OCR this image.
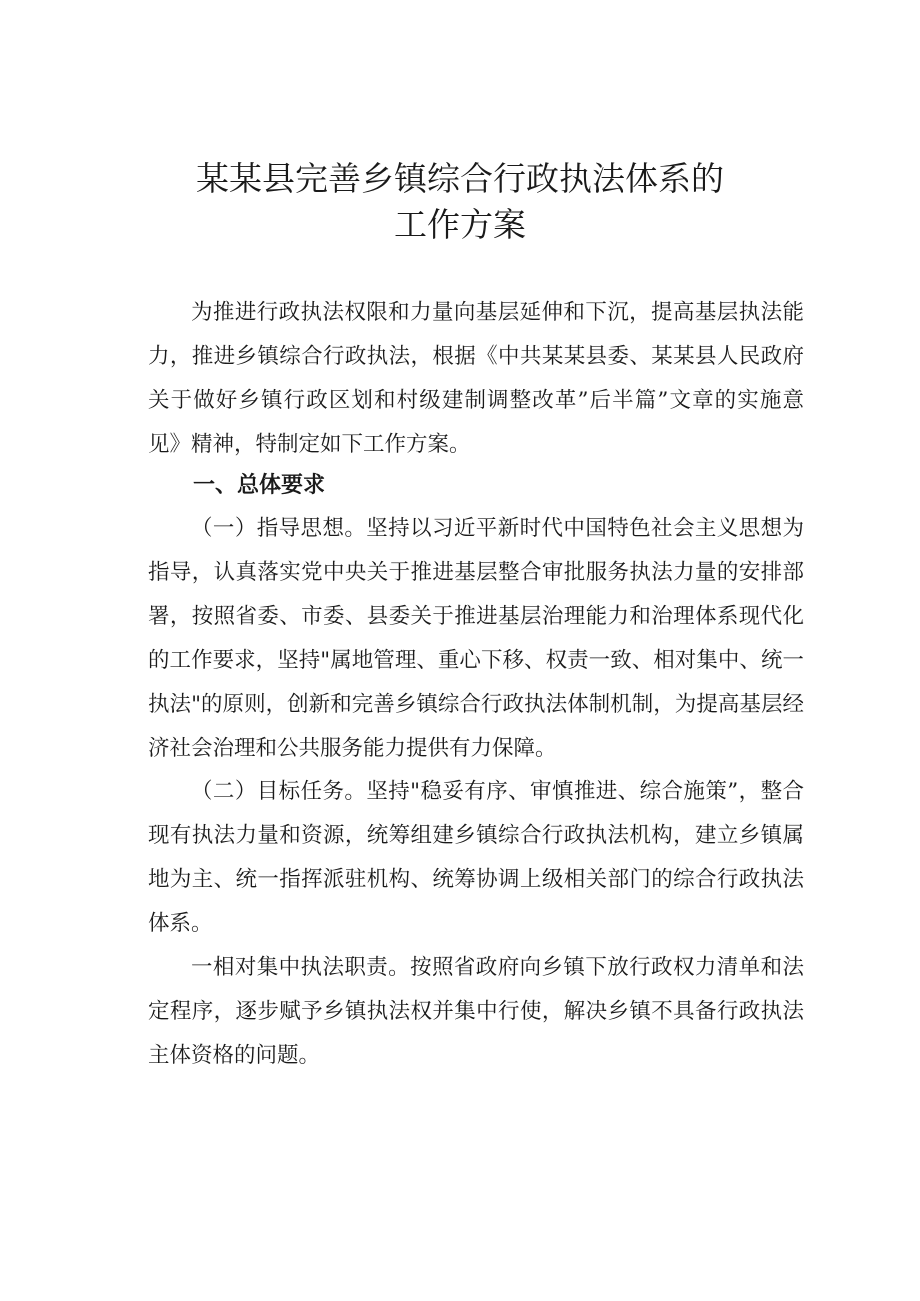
某某县完善乡镇综合行政执法体系的
工作方案

为推进行政执法权限和力量向基层延伸和下沉，提高基层执法能力，推进乡镇综合行政执法，根据《中共某某县委、某某县人民政府关于做好乡镇行政区划和村级建制调整改革”后半篇”文章的实施意见》精神，特制定如下工作方案。

一、总体要求

（一）指导思想。坚持以习近平新时代中国特色社会主义思想为指导，认真落实党中央关于推进基层整合审批服务执法力量的安排部署，按照省委、市委、县委关于推进基层治理能力和治理体系现代化的工作要求，坚持"属地管理、重心下移、权责一致、相对集中、统一执法"的原则，创新和完善乡镇综合行政执法体制机制，为提高基层经济社会治理和公共服务能力提供有力保障。

（二）目标任务。坚持"稳妥有序、审慎推进、综合施策”，整合现有执法力量和资源，统筹组建乡镇综合行政执法机构，建立乡镇属地为主、统一指挥派驻机构、统筹协调上级相关部门的综合行政执法体系。

一相对集中执法职责。按照省政府向乡镇下放行政权力清单和法定程序，逐步赋予乡镇执法权并集中行使，解决乡镇不具备行政执法主体资格的问题。
